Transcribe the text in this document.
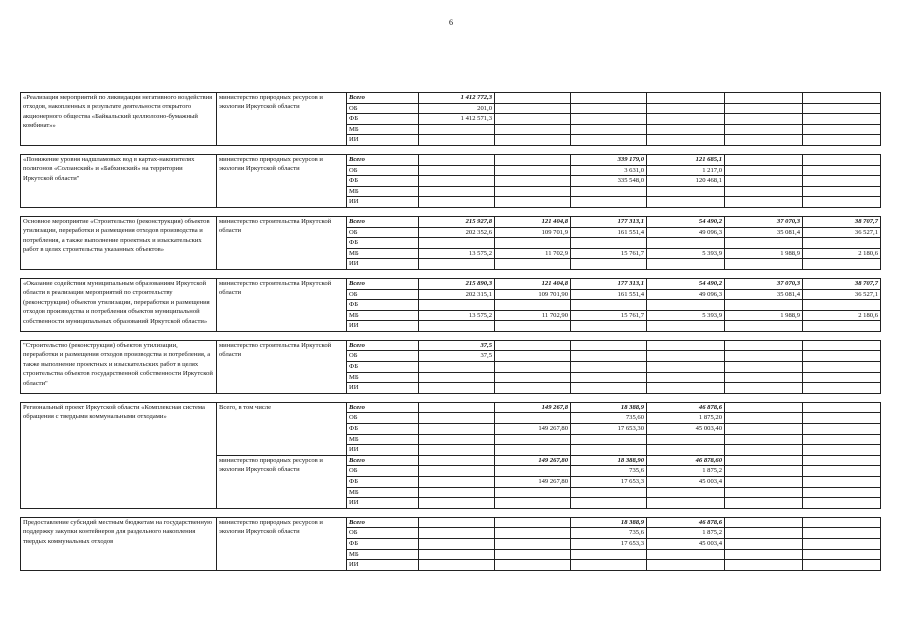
6
«Реализация мероприятий по ликвидации негативного воздействия отходов, накопленных в результате деятельности открытого акционерного общества «Байкальский целлюлозно-бумажный комбинат»»	министерство природных ресурсов и экологии Иркутской области	Всего	1 412 772,3					
		ОБ	201,0					
		ФБ	1 412 571,3					
		МБ						
		ИИ						

«Понижение уровня надшламовых вод в картах-накопителях полигонов «Солзанский» и «Бабхинский» на территории Иркутской области"	министерство природных ресурсов и экологии Иркутской области	Всего			339 179,0	121 685,1		
		ОБ			3 631,0	1 217,0		
		ФБ			335 548,0	120 468,1		
		МБ						
		ИИ						

Основное мероприятие «Строительство (реконструкция) объектов утилизации, переработки и размещения отходов производства и потребления, а также выполнение проектных и изыскательских работ в целях строительства указанных объектов»	министерство строительства Иркутской области	Всего	215 927,8	121 404,8	177 313,1	54 490,2	37 070,3	38 707,7
		ОБ	202 352,6	109 701,9	161 551,4	49 096,3	35 081,4	36 527,1
		ФБ						
		МБ	13 575,2	11 702,9	15 761,7	5 393,9	1 988,9	2 180,6
		ИИ						

«Оказание содействия муниципальным образованиям Иркутской области в реализации мероприятий по строительству (реконструкции) объектов утилизации, переработки и размещения отходов производства и потребления объектов муниципальной собственности муниципальных образований Иркутской области»	министерство строительства Иркутской области	Всего	215 890,3	121 404,8	177 313,1	54 490,2	37 070,3	38 707,7
		ОБ	202 315,1	109 701,90	161 551,4	49 096,3	35 081,4	36 527,1
		ФБ						
		МБ	13 575,2	11 702,90	15 761,7	5 393,9	1 988,9	2 180,6
		ИИ						

"Строительство (реконструкция) объектов утилизации, переработки и размещения отходов производства и потребления, а также выполнение проектных и изыскательских работ в целях строительства объектов государственной собственности Иркутской области"	министерство строительства Иркутской области	Всего	37,5					
		ОБ	37,5					
		ФБ						
		МБ						
		ИИ						

Региональный проект Иркутской области «Комплексная система обращения с твердыми коммунальными отходами»	Всего, в том числе	Всего		149 267,8	18 388,9	46 878,6		
		ОБ			735,60	1 875,20		
		ФБ		149 267,80	17 653,30	45 003,40		
		МБ						
		ИИ						
	министерство природных ресурсов и экологии Иркутской области	Всего		149 267,80	18 388,90	46 878,60		
		ОБ			735,6	1 875,2		
		ФБ		149 267,80	17 653,3	45 003,4		
		МБ						
		ИИ						

Предоставление субсидий местным бюджетам на государственную поддержку закупки контейнеров для раздельного накопления твердых коммунальных отходов	министерство природных ресурсов и экологии Иркутской области	Всего			18 388,9	46 878,6		
		ОБ			735,6	1 875,2		
		ФБ			17 653,3	45 003,4		
		МБ						
		ИИ						
